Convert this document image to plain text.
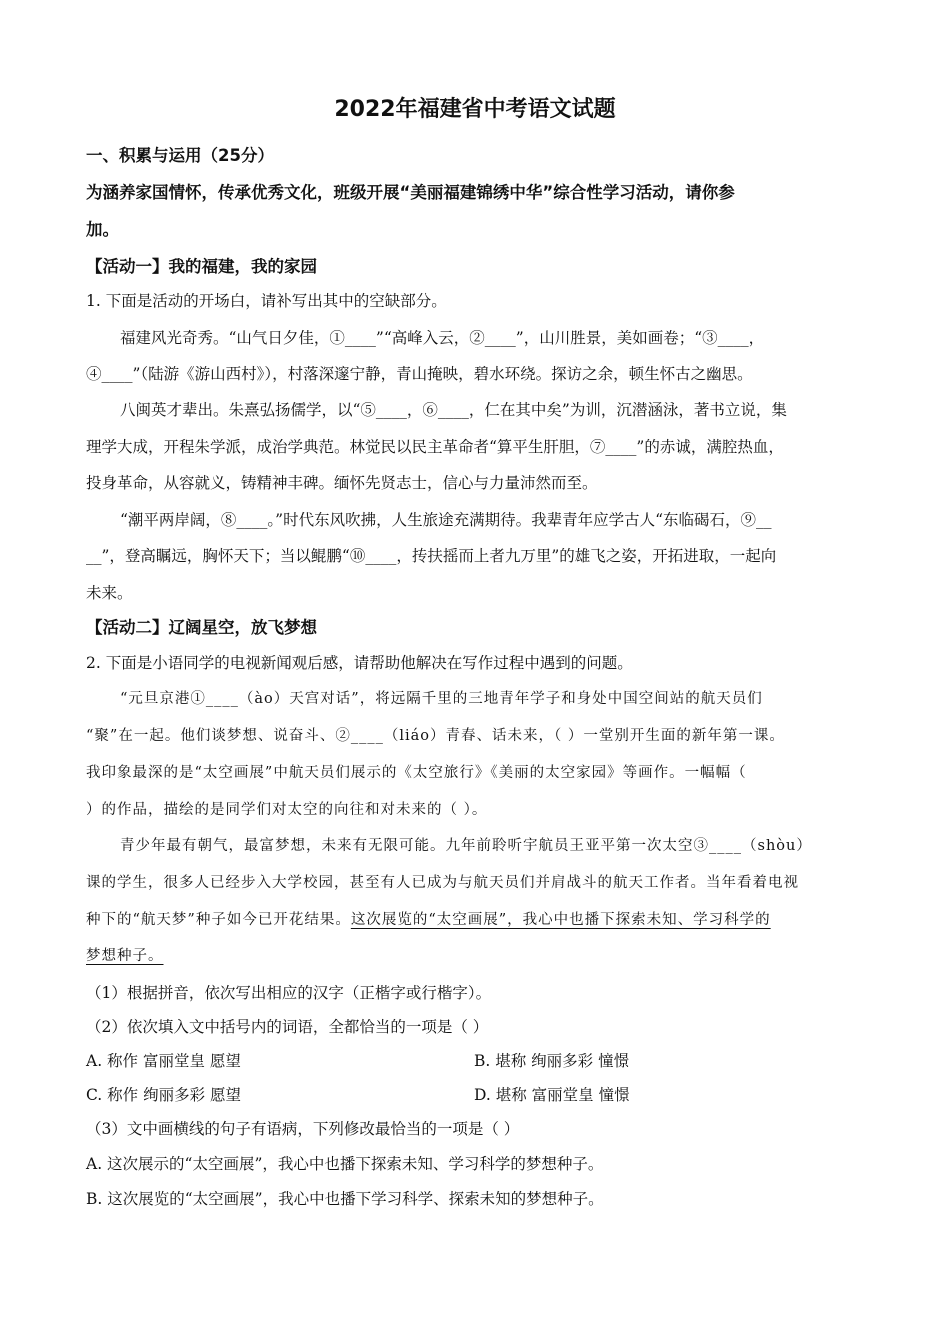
2022年福建省中考语文试题
一、积累与运用（25分）
为涵养家国情怀，传承优秀文化，班级开展“美丽福建锦绣中华”综合性学习活动，请你参
加。
【活动一】我的福建，我的家园
1. 下面是活动的开场白，请补写出其中的空缺部分。
福建风光奇秀。“山气日夕佳，①____”“高峰入云，②____”，山川胜景，美如画卷；“③____，
④____”（陆游《游山西村》），村落深邃宁静，青山掩映，碧水环绕。探访之余，顿生怀古之幽思。
八闽英才辈出。朱熹弘扬儒学，以“⑤____，⑥____，仁在其中矣”为训，沉潜涵泳，著书立说，集
理学大成，开程朱学派，成治学典范。林觉民以民主革命者“算平生肝胆，⑦____”的赤诚，满腔热血，
投身革命，从容就义，铸精神丰碑。缅怀先贤志士，信心与力量沛然而至。
“潮平两岸阔，⑧____。”时代东风吹拂，人生旅途充满期待。我辈青年应学古人“东临碣石，⑨__
__”，登高瞩远，胸怀天下；当以鲲鹏“⑩____，抟扶摇而上者九万里”的雄飞之姿，开拓进取，一起向
未来。
【活动二】辽阔星空，放飞梦想
2. 下面是小语同学的电视新闻观后感，请帮助他解决在写作过程中遇到的问题。
“元旦京港①____（ào）天宫对话”，将远隔千里的三地青年学子和身处中国空间站的航天员们
“聚”在一起。他们谈梦想、说奋斗、②____（liáo）青春、话未来，（ ）一堂别开生面的新年第一课。
我印象最深的是“太空画展”中航天员们展示的《太空旅行》《美丽的太空家园》等画作。一幅幅（
）的作品，描绘的是同学们对太空的向往和对未来的（ ）。
青少年最有朝气，最富梦想，未来有无限可能。九年前聆听宇航员王亚平第一次太空③____（shòu）
课的学生，很多人已经步入大学校园，甚至有人已成为与航天员们并肩战斗的航天工作者。当年看着电视
种下的“航天梦”种子如今已开花结果。这次展览的“太空画展”，我心中也播下探索未知、学习科学的
梦想种子。
（1）根据拼音，依次写出相应的汉字（正楷字或行楷字）。
（2）依次填入文中括号内的词语，全都恰当的一项是（ ）
A. 称作 富丽堂皇 愿望	B. 堪称 绚丽多彩 憧憬
C. 称作 绚丽多彩 愿望	D. 堪称 富丽堂皇 憧憬
（3）文中画横线的句子有语病，下列修改最恰当的一项是（ ）
A. 这次展示的“太空画展”，我心中也播下探索未知、学习科学的梦想种子。
B. 这次展览的“太空画展”，我心中也播下学习科学、探索未知的梦想种子。
